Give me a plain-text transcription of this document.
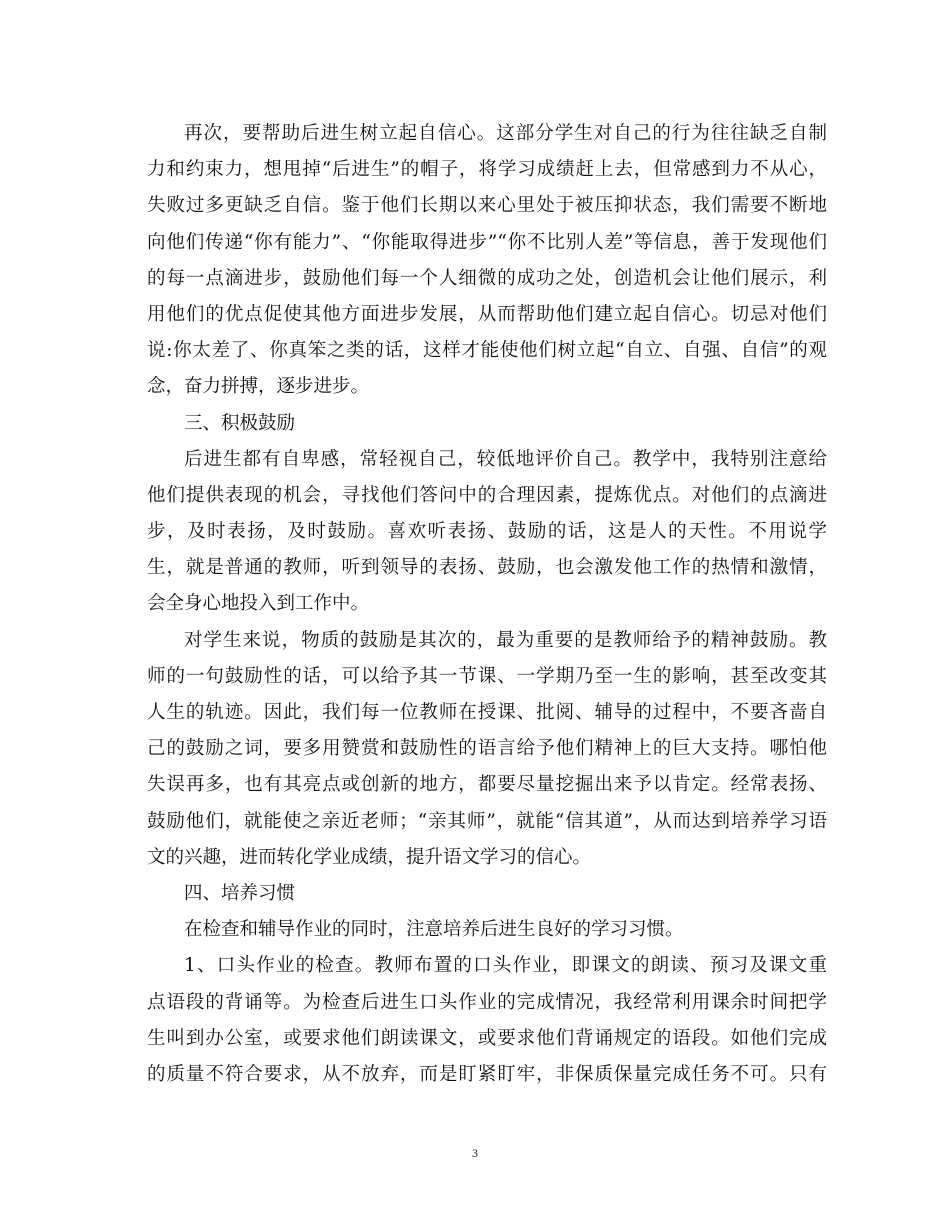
再次，要帮助后进生树立起自信心。这部分学生对自己的行为往往缺乏自制
力和约束力，想甩掉“后进生”的帽子，将学习成绩赶上去，但常感到力不从心，
失败过多更缺乏自信。鉴于他们长期以来心里处于被压抑状态，我们需要不断地
向他们传递“你有能力”、“你能取得进步”“你不比别人差”等信息，善于发现他们
的每一点滴进步，鼓励他们每一个人细微的成功之处，创造机会让他们展示，利
用他们的优点促使其他方面进步发展，从而帮助他们建立起自信心。切忌对他们
说:你太差了、你真笨之类的话，这样才能使他们树立起“自立、自强、自信”的观
念，奋力拼搏，逐步进步。
三、积极鼓励
后进生都有自卑感，常轻视自己，较低地评价自己。教学中，我特别注意给
他们提供表现的机会，寻找他们答问中的合理因素，提炼优点。对他们的点滴进
步，及时表扬，及时鼓励。喜欢听表扬、鼓励的话，这是人的天性。不用说学
生，就是普通的教师，听到领导的表扬、鼓励，也会激发他工作的热情和激情，
会全身心地投入到工作中。
对学生来说，物质的鼓励是其次的，最为重要的是教师给予的精神鼓励。教
师的一句鼓励性的话，可以给予其一节课、一学期乃至一生的影响，甚至改变其
人生的轨迹。因此，我们每一位教师在授课、批阅、辅导的过程中，不要吝啬自
己的鼓励之词，要多用赞赏和鼓励性的语言给予他们精神上的巨大支持。哪怕他
失误再多，也有其亮点或创新的地方，都要尽量挖掘出来予以肯定。经常表扬、
鼓励他们，就能使之亲近老师；“亲其师”，就能“信其道”，从而达到培养学习语
文的兴趣，进而转化学业成绩，提升语文学习的信心。
四、培养习惯
在检查和辅导作业的同时，注意培养后进生良好的学习习惯。
1、口头作业的检查。教师布置的口头作业，即课文的朗读、预习及课文重
点语段的背诵等。为检查后进生口头作业的完成情况，我经常利用课余时间把学
生叫到办公室，或要求他们朗读课文，或要求他们背诵规定的语段。如他们完成
的质量不符合要求，从不放弃，而是盯紧盯牢，非保质保量完成任务不可。只有
3
